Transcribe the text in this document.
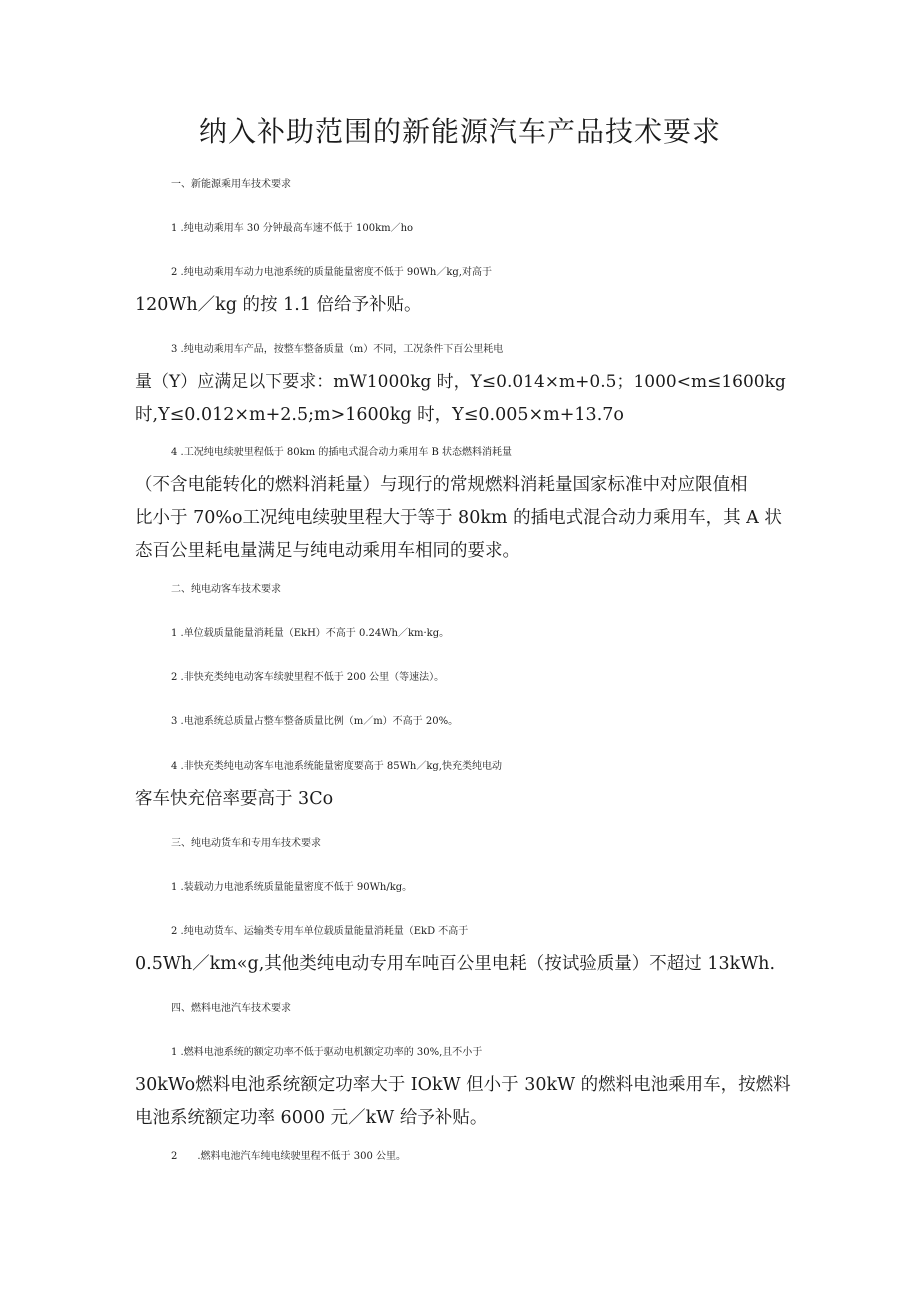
纳入补助范围的新能源汽车产品技术要求
一、新能源乘用车技术要求
1 .纯电动乘用车 30 分钟最高车速不低于 100km／ho
2 .纯电动乘用车动力电池系统的质量能量密度不低于 90Wh／kg,对高于
120Wh／kg 的按 1.1 倍给予补贴。
3 .纯电动乘用车产品，按整车整备质量（m）不同，工况条件下百公里耗电
量（Y）应满足以下要求：mW1000kg 时，Y≤0.014×m+0.5；1000<m≤1600kg
时,Y≤0.012×m+2.5;m>1600kg 时，Y≤0.005×m+13.7o
4 .工况纯电续驶里程低于 80km 的插电式混合动力乘用车 B 状态燃料消耗量
（不含电能转化的燃料消耗量）与现行的常规燃料消耗量国家标准中对应限值相
比小于 70%o工况纯电续驶里程大于等于 80km 的插电式混合动力乘用车，其 A 状
态百公里耗电量满足与纯电动乘用车相同的要求。
二、纯电动客车技术要求
1 .单位载质量能量消耗量（EkH）不高于 0.24Wh／km·kg。
2 .非快充类纯电动客车续驶里程不低于 200 公里（等速法）。
3 .电池系统总质量占整车整备质量比例（m／m）不高于 20%。
4 .非快充类纯电动客车电池系统能量密度要高于 85Wh／kg,快充类纯电动
客车快充倍率要高于 3Co
三、纯电动货车和专用车技术要求
1 .装载动力电池系统质量能量密度不低于 90Wh/kg。
2 .纯电动货车、运输类专用车单位载质量能量消耗量（EkD 不高于
0.5Wh／km«g,其他类纯电动专用车吨百公里电耗（按试验质量）不超过 13kWh.
四、燃料电池汽车技术要求
1 .燃料电池系统的额定功率不低于驱动电机额定功率的 30%,且不小于
30kWo燃料电池系统额定功率大于 IOkW 但小于 30kW 的燃料电池乘用车，按燃料
电池系统额定功率 6000 元／kW 给予补贴。
2　　.燃料电池汽车纯电续驶里程不低于 300 公里。
